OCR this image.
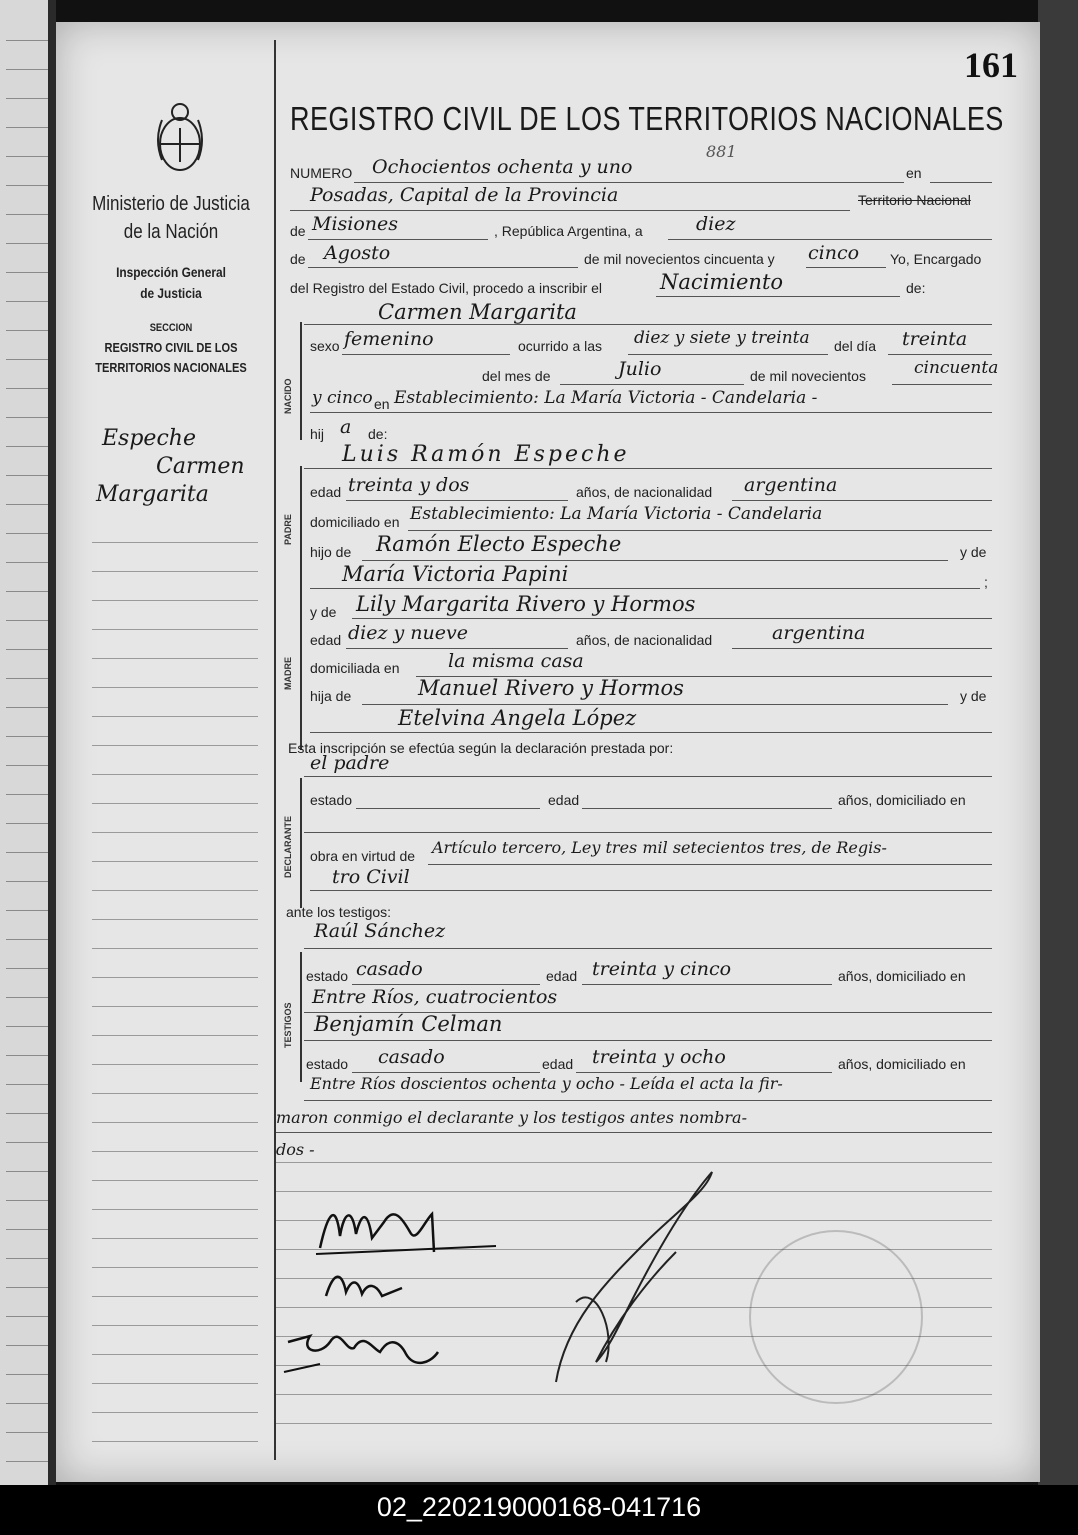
161
REGISTRO CIVIL DE LOS TERRITORIOS NACIONALES
Ministerio de Justicia
de la Nación
Inspección General
de Justicia
SECCION
REGISTRO CIVIL DE LOS
TERRITORIOS NACIONALES
Espeche
Carmen
Margarita
NUMERO Ochocientos ochenta y uno
881
en
Posadas, Capital de la Provincia	Territorio Nacional
de Misiones	, República Argentina, a	diez
de Agosto	de mil novecientos cincuenta y cinco Yo, Encargado
del Registro del Estado Civil, procedo a inscribir el	Nacimiento	de:
NACIDO
Carmen Margarita
sexo femenino	ocurrido a las diez y siete y treinta del día treinta
del mes de	Julio	de mil novecientos	cincuenta
y cinco en Establecimiento: La María Victoria - Candelaria -
hij a de:
PADRE
Luis Ramón Espeche
edad treinta y dos	años, de nacionalidad argentina
domiciliado en Establecimiento: La María Victoria - Candelaria
hijo de Ramón Electo Espeche	y de
María Victoria Papini	;
MADRE
y de Lily Margarita Rivero y Hormos
edad diez y nueve	años, de nacionalidad	argentina
domiciliada en	la misma casa
hija de	Manuel Rivero y Hormos	y de
Etelvina Angela López
Esta inscripción se efectúa según la declaración prestada por:
DECLARANTE
el padre
estado	edad	años, domiciliado en
obra en virtud de Artículo tercero, Ley tres mil setecientos tres, de Regis-
tro Civil
ante los testigos:
TESTIGOS
Raúl Sánchez
estado casado	edad treinta y cinco	años, domiciliado en
Entre Ríos, cuatrocientos
Benjamín Celman
estado casado	edad treinta y ocho	años, domiciliado en
Entre Ríos doscientos ochenta y ocho - Leída el acta la fir-
maron conmigo el declarante y los testigos antes nombra-
dos -
02_220219000168-041716
